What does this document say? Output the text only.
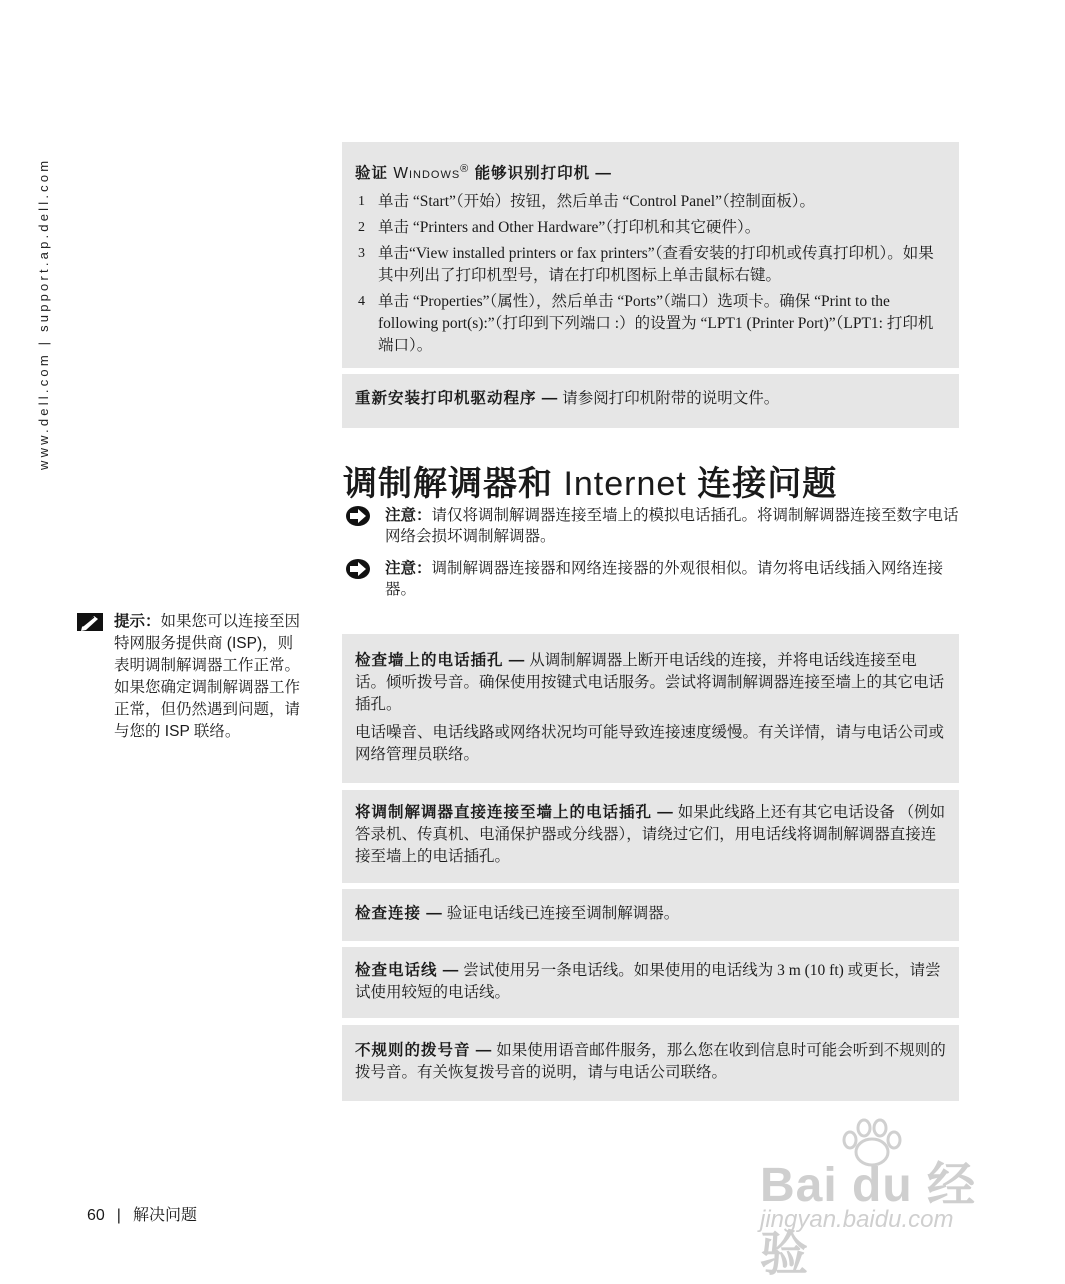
www.dell.com | support.ap.dell.com	验证 Windows® 能够识别打印机 —

1 单击 “Start”（开始）按钮，然后单击 “Control Panel”（控制面板）。
2 单击 “Printers and Other Hardware”（打印机和其它硬件）。
3 单击“View installed printers or fax printers”（查看安装的打印机或传真打印机）。如果其中列出了打印机型号，请在打印机图标上单击鼠标右键。
4 单击 “Properties”（属性），然后单击 “Ports”（端口）选项卡。确保 “Print to the following port(s):”（打印到下列端口 :）的设置为 “LPT1 (Printer Port)”（LPT1: 打印机端口）。

重新安装打印机驱动程序 — 请参阅打印机附带的说明文件。

调制解调器和 Internet 连接问题
注意：请仅将调制解调器连接至墙上的模拟电话插孔。将调制解调器连接至数字电话网络会损坏调制解调器。
注意：调制解调器连接器和网络连接器的外观很相似。请勿将电话线插入网络连接器。
提示：如果您可以连接至因特网服务提供商 (ISP)，则表明调制解调器工作正常。如果您确定调制解调器工作正常，但仍然遇到问题，请与您的 ISP 联络。

检查墙上的电话插孔 — 从调制解调器上断开电话线的连接，并将电话线连接至电话。倾听拨号音。确保使用按键式电话服务。尝试将调制解调器连接至墙上的其它电话插孔。

电话噪音、电话线路或网络状况均可能导致连接速度缓慢。有关详情，请与电话公司或网络管理员联络。

将调制解调器直接连接至墙上的电话插孔 — 如果此线路上还有其它电话设备 （例如答录机、传真机、电涌保护器或分线器），请绕过它们，用电话线将调制解调器直接连接至墙上的电话插孔。

检查连接 — 验证电话线已连接至调制解调器。

检查电话线 — 尝试使用另一条电话线。如果使用的电话线为 3 m (10 ft) 或更长，请尝试使用较短的电话线。

不规则的拨号音 — 如果使用语音邮件服务，那么您在收到信息时可能会听到不规则的拨号音。有关恢复拨号音的说明，请与电话公司联络。

60 | 解决问题
Bai du 经验
jingyan.baidu.com
